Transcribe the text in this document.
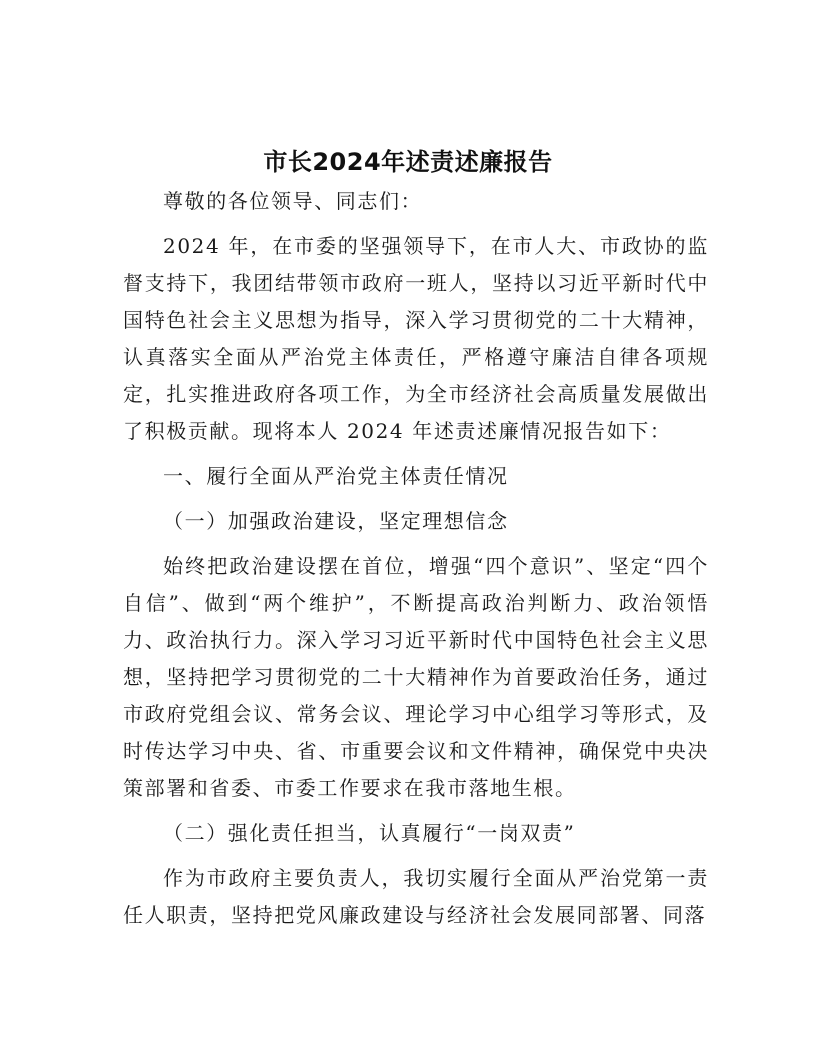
市长2024年述责述廉报告

尊敬的各位领导、同志们：

2024 年，在市委的坚强领导下，在市人大、市政协的监督支持下，我团结带领市政府一班人，坚持以习近平新时代中国特色社会主义思想为指导，深入学习贯彻党的二十大精神，认真落实全面从严治党主体责任，严格遵守廉洁自律各项规定，扎实推进政府各项工作，为全市经济社会高质量发展做出了积极贡献。现将本人 2024 年述责述廉情况报告如下：

一、履行全面从严治党主体责任情况

（一）加强政治建设，坚定理想信念

始终把政治建设摆在首位，增强“四个意识”、坚定“四个自信”、做到“两个维护”，不断提高政治判断力、政治领悟力、政治执行力。深入学习习近平新时代中国特色社会主义思想，坚持把学习贯彻党的二十大精神作为首要政治任务，通过市政府党组会议、常务会议、理论学习中心组学习等形式，及时传达学习中央、省、市重要会议和文件精神，确保党中央决策部署和省委、市委工作要求在我市落地生根。

（二）强化责任担当，认真履行“一岗双责”

作为市政府主要负责人，我切实履行全面从严治党第一责任人职责，坚持把党风廉政建设与经济社会发展同部署、同落
